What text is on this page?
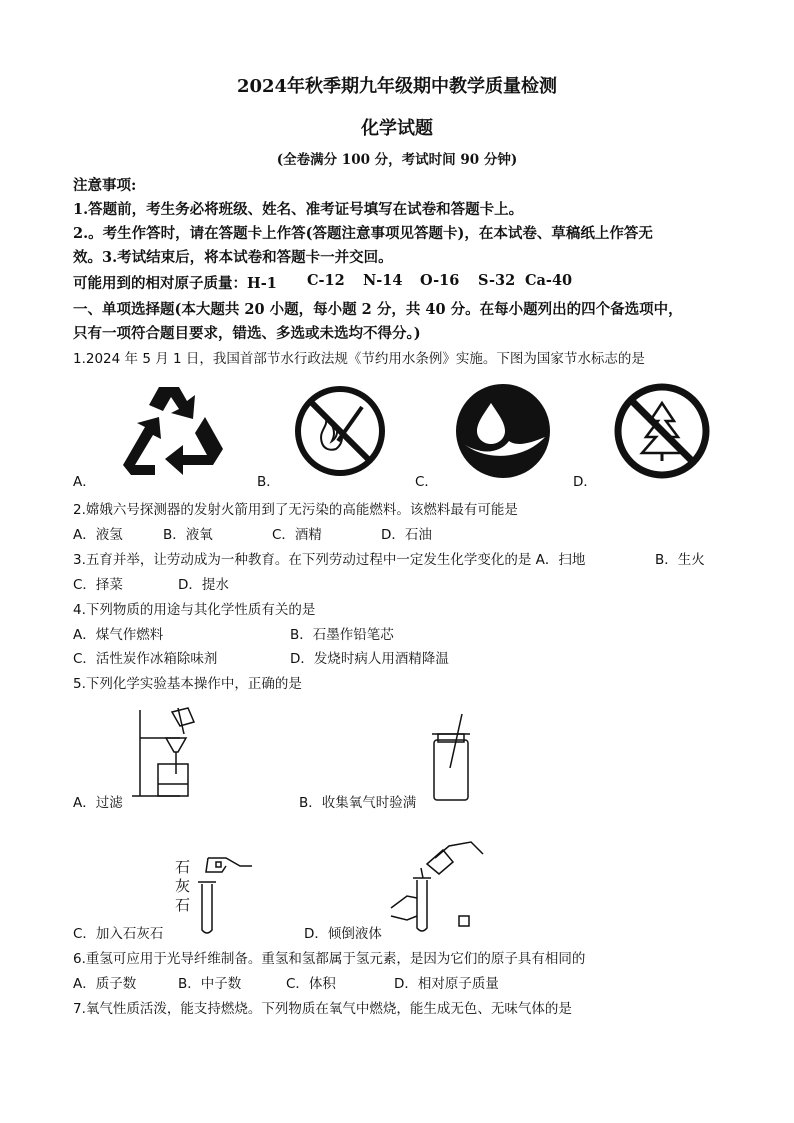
2024年秋季期九年级期中教学质量检测
化学试题
(全卷满分 100 分，考试时间 90 分钟)
注意事项:
1.答题前，考生务必将班级、姓名、准考证号填写在试卷和答题卡上。
2.。考生作答时，请在答题卡上作答(答题注意事项见答题卡)，在本试卷、草稿纸上作答无
效。3.考试结束后，将本试卷和答题卡一并交回。
可能用到的相对原子质量：H-1 C-12 N-14 O-16 S-32 Ca-40
一、单项选择题(本大题共 20 小题，每小题 2 分，共 40 分。在每小题列出的四个备选项中，
只有一项符合题目要求，错选、多选或未选均不得分。)
1.2024 年 5 月 1 日，我国首部节水行政法规《节约用水条例》实施。下图为国家节水标志的是
A．	B．	C．	D．
2.嫦娥六号探测器的发射火箭用到了无污染的高能燃料。该燃料最有可能是
A．液氢	B．液氧	C．酒精	D．石油
3.五育并举，让劳动成为一种教育。在下列劳动过程中一定发生化学变化的是 A．扫地	B．生火
C．择菜	D．提水
4.下列物质的用途与其化学性质有关的是
A．煤气作燃料	B．石墨作铅笔芯
C．活性炭作冰箱除味剂	D．发烧时病人用酒精降温
5.下列化学实验基本操作中，正确的是
A．过滤	B．收集氧气时验满
石
灰
石
C．加入石灰石	D．倾倒液体
6.重氢可应用于光导纤维制备。重氢和氢都属于氢元素，是因为它们的原子具有相同的
A．质子数	B．中子数	C．体积	D．相对原子质量
7.氧气性质活泼，能支持燃烧。下列物质在氧气中燃烧，能生成无色、无味气体的是
